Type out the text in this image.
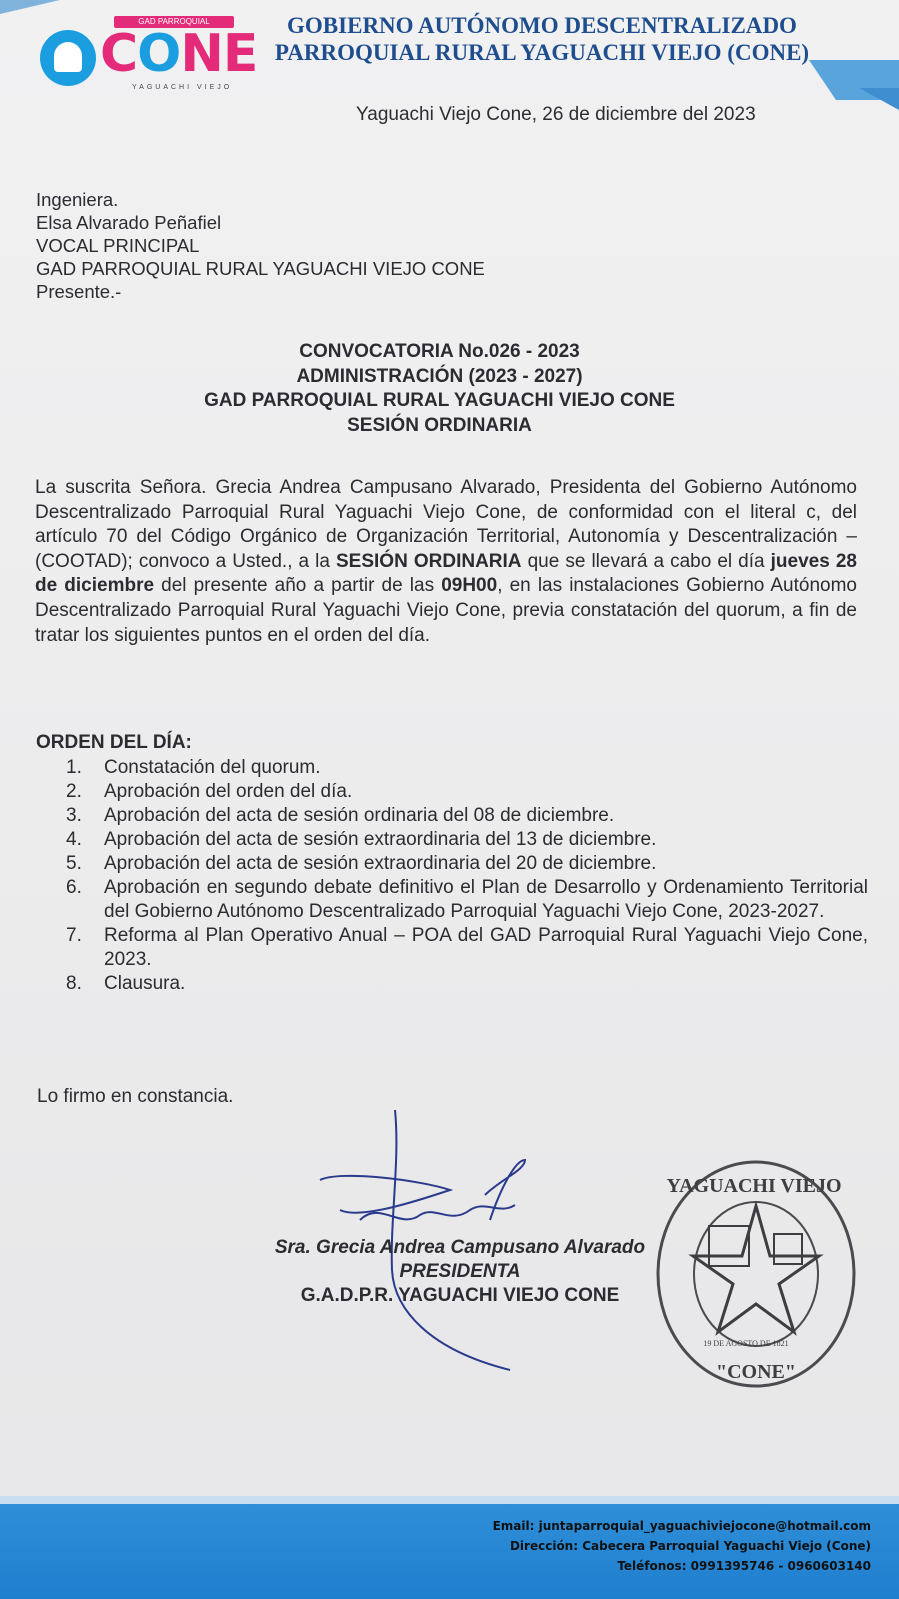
GAD PARROQUIAL
CONE
YAGUACHI VIEJO
GOBIERNO AUTÓNOMO DESCENTRALIZADO
PARROQUIAL RURAL YAGUACHI VIEJO (CONE)
Yaguachi Viejo Cone, 26 de diciembre del 2023
Ingeniera.
Elsa Alvarado Peñafiel
VOCAL PRINCIPAL
GAD PARROQUIAL RURAL YAGUACHI VIEJO CONE
Presente.-
CONVOCATORIA No.026 - 2023
ADMINISTRACIÓN (2023 - 2027)
GAD PARROQUIAL RURAL YAGUACHI VIEJO CONE
SESIÓN ORDINARIA
La suscrita Señora. Grecia Andrea Campusano Alvarado, Presidenta del Gobierno Autónomo Descentralizado Parroquial Rural Yaguachi Viejo Cone, de conformidad con el literal c, del artículo 70 del Código Orgánico de Organización Territorial, Autonomía y Descentralización – (COOTAD); convoco a Usted., a la SESIÓN ORDINARIA que se llevará a cabo el día jueves 28 de diciembre del presente año a partir de las 09H00, en las instalaciones Gobierno Autónomo Descentralizado Parroquial Rural Yaguachi Viejo Cone, previa constatación del quorum, a fin de tratar los siguientes puntos en el orden del día.
ORDEN DEL DÍA:
1. Constatación del quorum.
2. Aprobación del orden del día.
3. Aprobación del acta de sesión ordinaria del 08 de diciembre.
4. Aprobación del acta de sesión extraordinaria del 13 de diciembre.
5. Aprobación del acta de sesión extraordinaria del 20 de diciembre.
6. Aprobación en segundo debate definitivo el Plan de Desarrollo y Ordenamiento Territorial del Gobierno Autónomo Descentralizado Parroquial Yaguachi Viejo Cone, 2023-2027.
7. Reforma al Plan Operativo Anual – POA del GAD Parroquial Rural Yaguachi Viejo Cone, 2023.
8. Clausura.
Lo firmo en constancia.
Sra. Grecia Andrea Campusano Alvarado
PRESIDENTA
G.A.D.P.R. YAGUACHI VIEJO CONE
YAGUACHI VIEJO
19 DE AGOSTO DE 1821
"CONE"
Email: juntaparroquial_yaguachiviejocone@hotmail.com
Dirección: Cabecera Parroquial Yaguachi Viejo (Cone)
Teléfonos: 0991395746 - 0960603140
